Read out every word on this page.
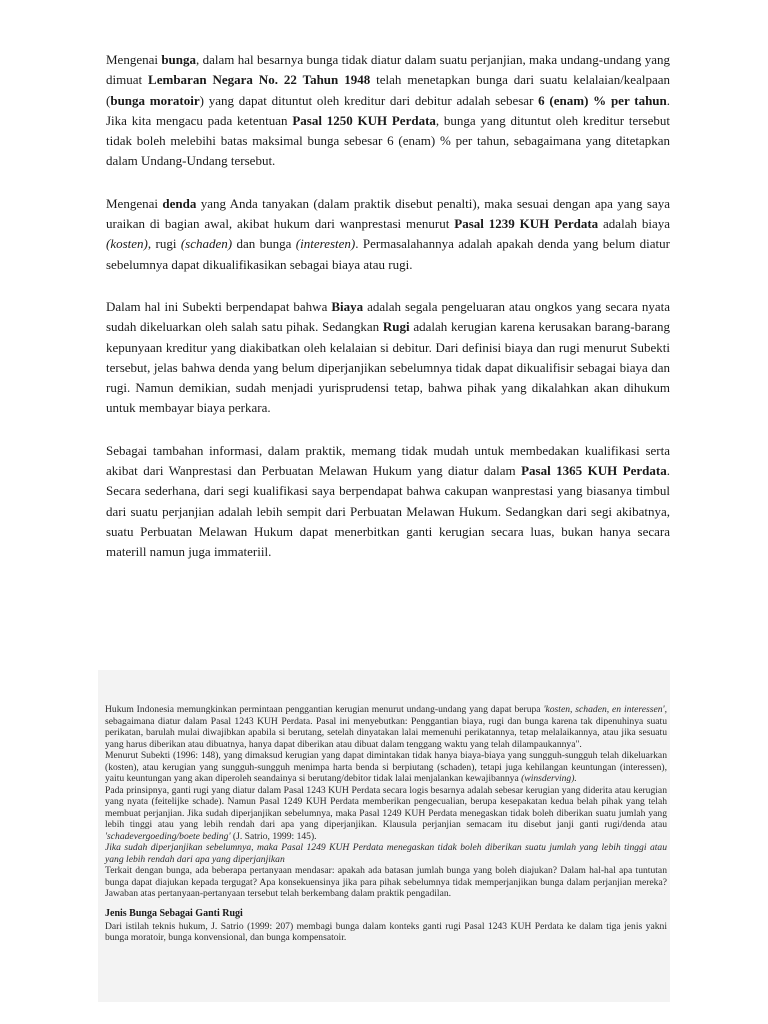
Mengenai bunga, dalam hal besarnya bunga tidak diatur dalam suatu perjanjian, maka undang-undang yang dimuat Lembaran Negara No. 22 Tahun 1948 telah menetapkan bunga dari suatu kelalaian/kealpaan (bunga moratoir) yang dapat dituntut oleh kreditur dari debitur adalah sebesar 6 (enam) % per tahun. Jika kita mengacu pada ketentuan Pasal 1250 KUH Perdata, bunga yang dituntut oleh kreditur tersebut tidak boleh melebihi batas maksimal bunga sebesar 6 (enam) % per tahun, sebagaimana yang ditetapkan dalam Undang-Undang tersebut.

Mengenai denda yang Anda tanyakan (dalam praktik disebut penalti), maka sesuai dengan apa yang saya uraikan di bagian awal, akibat hukum dari wanprestasi menurut Pasal 1239 KUH Perdata adalah biaya (kosten), rugi (schaden) dan bunga (interesten). Permasalahannya adalah apakah denda yang belum diatur sebelumnya dapat dikualifikasikan sebagai biaya atau rugi.

Dalam hal ini Subekti berpendapat bahwa Biaya adalah segala pengeluaran atau ongkos yang secara nyata sudah dikeluarkan oleh salah satu pihak. Sedangkan Rugi adalah kerugian karena kerusakan barang-barang kepunyaan kreditur yang diakibatkan oleh kelalaian si debitur. Dari definisi biaya dan rugi menurut Subekti tersebut, jelas bahwa denda yang belum diperjanjikan sebelumnya tidak dapat dikualifisir sebagai biaya dan rugi. Namun demikian, sudah menjadi yurisprudensi tetap, bahwa pihak yang dikalahkan akan dihukum untuk membayar biaya perkara.

Sebagai tambahan informasi, dalam praktik, memang tidak mudah untuk membedakan kualifikasi serta akibat dari Wanprestasi dan Perbuatan Melawan Hukum yang diatur dalam Pasal 1365 KUH Perdata. Secara sederhana, dari segi kualifikasi saya berpendapat bahwa cakupan wanprestasi yang biasanya timbul dari suatu perjanjian adalah lebih sempit dari Perbuatan Melawan Hukum. Sedangkan dari segi akibatnya, suatu Perbuatan Melawan Hukum dapat menerbitkan ganti kerugian secara luas, bukan hanya secara materill namun juga immateriil.

Hukum Indonesia memungkinkan permintaan penggantian kerugian menurut undang-undang yang dapat berupa 'kosten, schaden, en interessen', sebagaimana diatur dalam Pasal 1243 KUH Perdata. Pasal ini menyebutkan: Penggantian biaya, rugi dan bunga karena tak dipenuhinya suatu perikatan, barulah mulai diwajibkan apabila si berutang, setelah dinyatakan lalai memenuhi perikatannya, tetap melalaikannya, atau jika sesuatu yang harus diberikan atau dibuatnya, hanya dapat diberikan atau dibuat dalam tenggang waktu yang telah dilampaukannya".

Menurut Subekti (1996: 148), yang dimaksud kerugian yang dapat dimintakan tidak hanya biaya-biaya yang sungguh-sungguh telah dikeluarkan (kosten), atau kerugian yang sungguh-sungguh menimpa harta benda si berpiutang (schaden), tetapi juga kehilangan keuntungan (interessen), yaitu keuntungan yang akan diperoleh seandainya si berutang/debitor tidak lalai menjalankan kewajibannya (winsderving).

Pada prinsipnya, ganti rugi yang diatur dalam Pasal 1243 KUH Perdata secara logis besarnya adalah sebesar kerugian yang diderita atau kerugian yang nyata (feitelijke schade). Namun Pasal 1249 KUH Perdata memberikan pengecualian, berupa kesepakatan kedua belah pihak yang telah membuat perjanjian. Jika sudah diperjanjikan sebelumnya, maka Pasal 1249 KUH Perdata menegaskan tidak boleh diberikan suatu jumlah yang lebih tinggi atau yang lebih rendah dari apa yang diperjanjikan. Klausula perjanjian semacam itu disebut janji ganti rugi/denda atau 'schadevergoeding/boete beding' (J. Satrio, 1999: 145).

Jika sudah diperjanjikan sebelumnya, maka Pasal 1249 KUH Perdata menegaskan tidak boleh diberikan suatu jumlah yang lebih tinggi atau yang lebih rendah dari apa yang diperjanjikan

Terkait dengan bunga, ada beberapa pertanyaan mendasar: apakah ada batasan jumlah bunga yang boleh diajukan? Dalam hal-hal apa tuntutan bunga dapat diajukan kepada tergugat? Apa konsekuensinya jika para pihak sebelumnya tidak memperjanjikan bunga dalam perjanjian mereka? Jawaban atas pertanyaan-pertanyaan tersebut telah berkembang dalam praktik pengadilan.

Jenis Bunga Sebagai Ganti Rugi

Dari istilah teknis hukum, J. Satrio (1999: 207) membagi bunga dalam konteks ganti rugi Pasal 1243 KUH Perdata ke dalam tiga jenis yakni bunga moratoir, bunga konvensional, dan bunga kompensatoir.
